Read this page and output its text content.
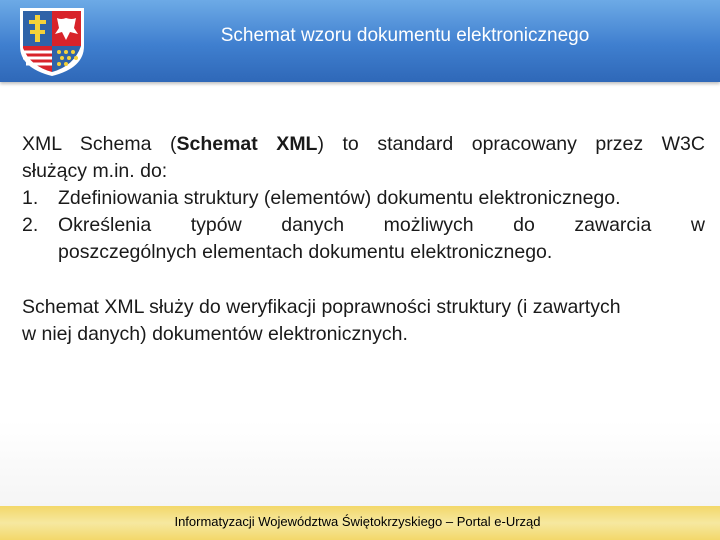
Schemat wzoru dokumentu elektronicznego
XML Schema (Schemat XML) to standard opracowany przez W3C
służący m.in. do:
1. Zdefiniowania struktury (elementów) dokumentu elektronicznego.
2. Określenia typów danych możliwych do zawarcia w
poszczególnych elementach dokumentu elektronicznego.
Schemat XML służy do weryfikacji poprawności struktury (i zawartych
w niej danych) dokumentów elektronicznych.
Informatyzacji Województwa Świętokrzyskiego – Portal e-Urząd
